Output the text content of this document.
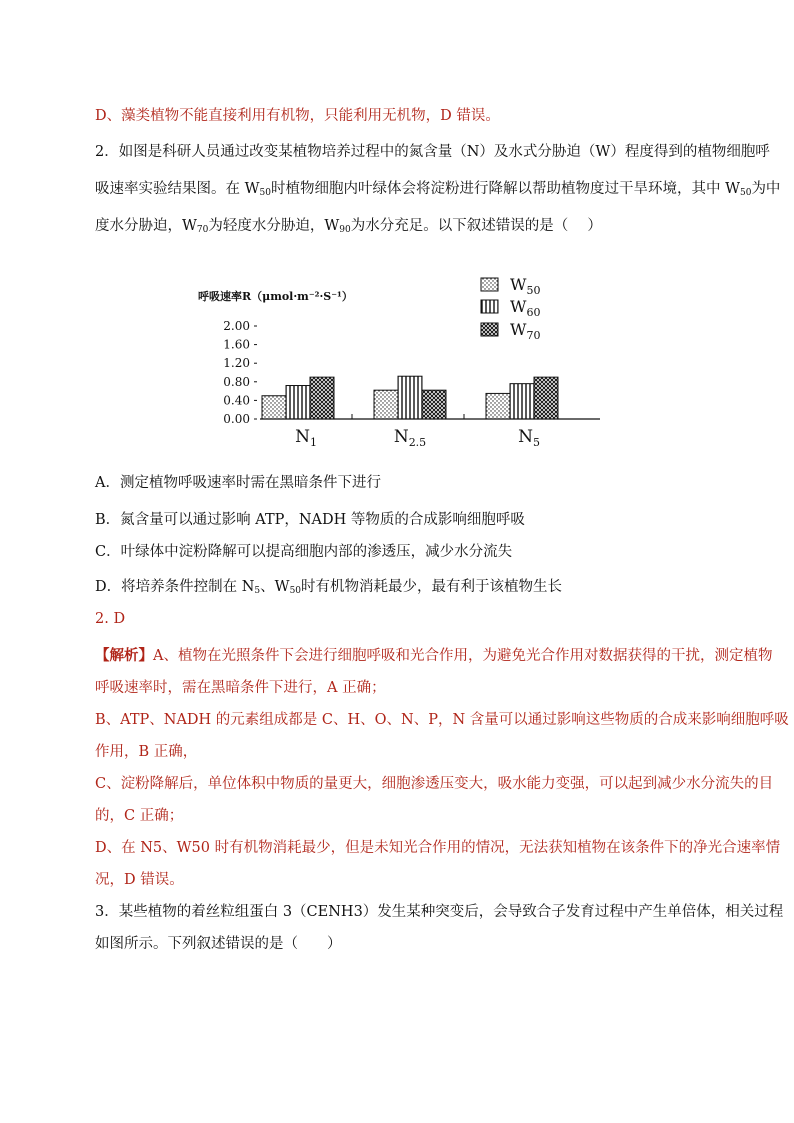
D、藻类植物不能直接利用有机物，只能利用无机物，D 错误。
2．如图是科研人员通过改变某植物培养过程中的氮含量（N）及水式分胁迫（W）程度得到的植物细胞呼
吸速率实验结果图。在 $W_{50}$时植物细胞内叶绿体会将淀粉进行降解以帮助植物度过干旱环境，其中 $W_{50}$为中
度水分胁迫，$W_{70}$为轻度水分胁迫，$W_{90}$为水分充足。以下叙述错误的是（　 ）
呼吸速率R（μmol·m⁻²·S⁻¹）
2.00
1.60
1.20
0.80
0.40
0.00
$N_1$	$N_{2.5}$	$N_5$
$W_{50}$
$W_{60}$
$W_{70}$
A．测定植物呼吸速率时需在黑暗条件下进行
B．氮含量可以通过影响 ATP，NADH 等物质的合成影响细胞呼吸
C．叶绿体中淀粉降解可以提高细胞内部的渗透压，减少水分流失
D．将培养条件控制在 $N_5$、$W_{50}$时有机物消耗最少，最有利于该植物生长
2. D
【解析】A、植物在光照条件下会进行细胞呼吸和光合作用，为避免光合作用对数据获得的干扰，测定植物
呼吸速率时，需在黑暗条件下进行，A 正确；
B、ATP、NADH 的元素组成都是 C、H、O、N、P，N 含量可以通过影响这些物质的合成来影响细胞呼吸
作用，B 正确，
C、淀粉降解后，单位体积中物质的量更大，细胞渗透压变大，吸水能力变强，可以起到减少水分流失的目
的，C 正确；
D、在 N5、W50 时有机物消耗最少，但是未知光合作用的情况，无法获知植物在该条件下的净光合速率情
况，D 错误。
3．某些植物的着丝粒组蛋白 3（CENH3）发生某种突变后，会导致合子发育过程中产生单倍体，相关过程
如图所示。下列叙述错误的是（　　）
